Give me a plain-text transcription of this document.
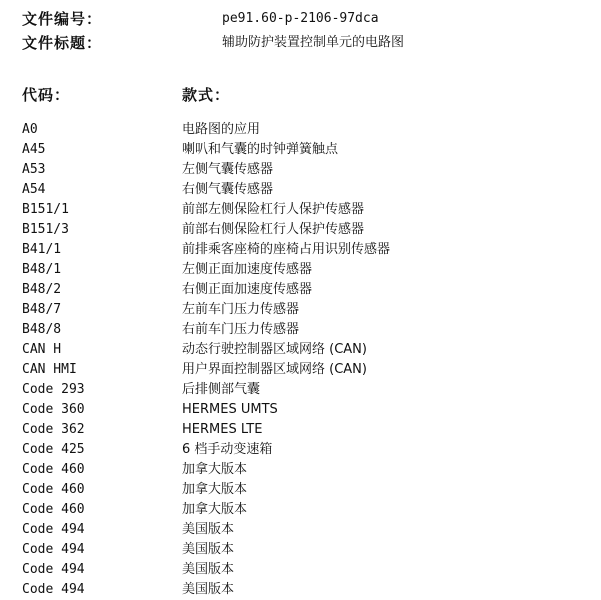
文件编号：	pe91.60-p-2106-97dca
文件标题：	辅助防护装置控制单元的电路图
代码：	款式：
A0	电路图的应用
A45	喇叭和气囊的时钟弹簧触点
A53	左侧气囊传感器
A54	右侧气囊传感器
B151/1	前部左侧保险杠行人保护传感器
B151/3	前部右侧保险杠行人保护传感器
B41/1	前排乘客座椅的座椅占用识别传感器
B48/1	左侧正面加速度传感器
B48/2	右侧正面加速度传感器
B48/7	左前车门压力传感器
B48/8	右前车门压力传感器
CAN H	动态行驶控制器区域网络 (CAN)
CAN HMI	用户界面控制器区域网络 (CAN)
Code 293	后排侧部气囊
Code 360	HERMES UMTS
Code 362	HERMES LTE
Code 425	6 档手动变速箱
Code 460	加拿大版本
Code 460	加拿大版本
Code 460	加拿大版本
Code 494	美国版本
Code 494	美国版本
Code 494	美国版本
Code 494	美国版本
